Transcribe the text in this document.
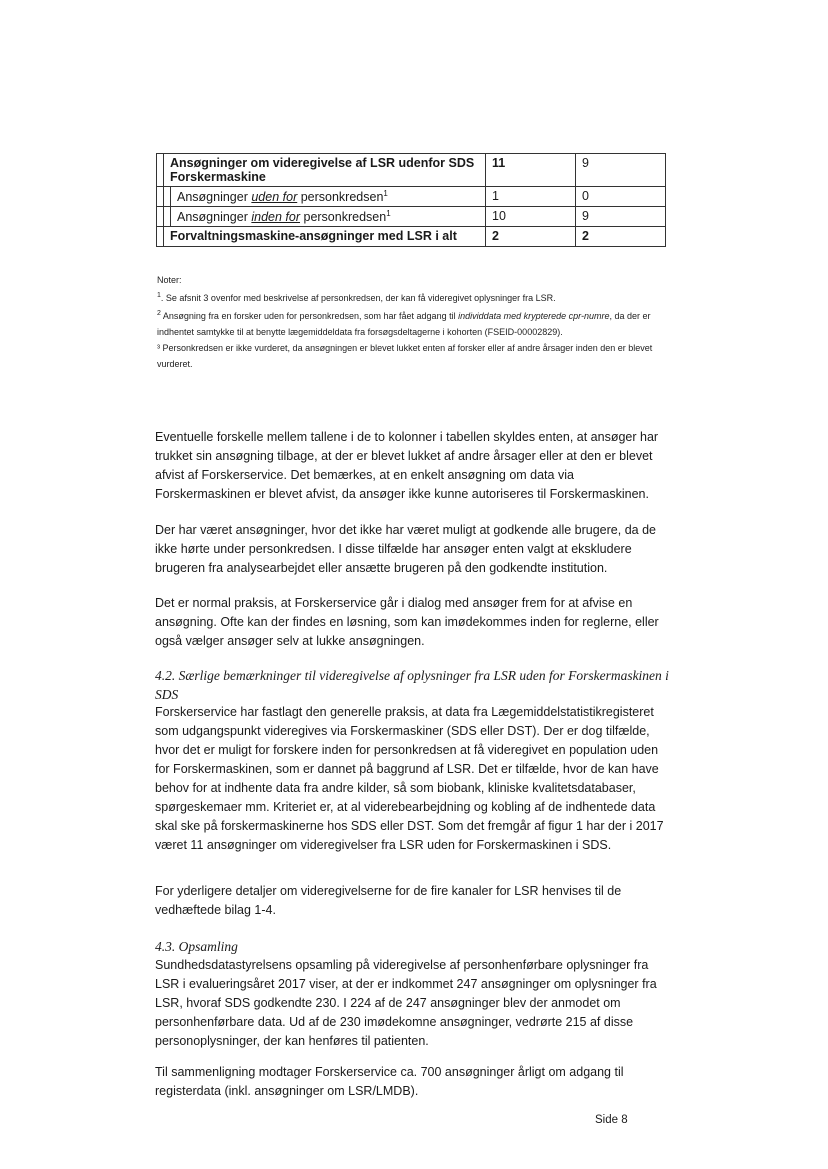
	Ansøgninger om videregivelse af LSR udenfor SDS Forskermaskine		11	9
		Ansøgninger uden for personkredsen$^1$	1	0
		Ansøgninger inden for personkredsen$^1$	10	9
	Forvaltningsmaskine-ansøgninger med LSR i alt		2	2

Noter:

$^1$. Se afsnit 3 ovenfor med beskrivelse af personkredsen, der kan få videregivet oplysninger fra LSR.

$^2$ Ansøgning fra en forsker uden for personkredsen, som har fået adgang til individdata med krypterede cpr-numre, da der er indhentet samtykke til at benytte lægemiddeldata fra forsøgsdeltagerne i kohorten (FSEID-00002829).

³ Personkredsen er ikke vurderet, da ansøgningen er blevet lukket enten af forsker eller af andre årsager inden den er blevet vurderet.

Eventuelle forskelle mellem tallene i de to kolonner i tabellen skyldes enten, at ansøger har trukket sin ansøgning tilbage, at der er blevet lukket af andre årsager eller at den er blevet afvist af Forskerservice. Det bemærkes, at en enkelt ansøgning om data via Forskermaskinen er blevet afvist, da ansøger ikke kunne autoriseres til Forskermaskinen.

Der har været ansøgninger, hvor det ikke har været muligt at godkende alle brugere, da de ikke hørte under personkredsen. I disse tilfælde har ansøger enten valgt at ekskludere brugeren fra analysearbejdet eller ansætte brugeren på den godkendte institution.

Det er normal praksis, at Forskerservice går i dialog med ansøger frem for at afvise en ansøgning. Ofte kan der findes en løsning, som kan imødekommes inden for reglerne, eller også vælger ansøger selv at lukke ansøgningen.

4.2. Særlige bemærkninger til videregivelse af oplysninger fra LSR uden for Forskermaskinen i SDS

Forskerservice har fastlagt den generelle praksis, at data fra Lægemiddelstatistikregisteret som udgangspunkt videregives via Forskermaskiner (SDS eller DST). Der er dog tilfælde, hvor det er muligt for forskere inden for personkredsen at få videregivet en population uden for Forskermaskinen, som er dannet på baggrund af LSR. Det er tilfælde, hvor de kan have behov for at indhente data fra andre kilder, så som biobank, kliniske kvalitetsdatabaser, spørgeskemaer mm. Kriteriet er, at al viderebearbejdning og kobling af de indhentede data skal ske på forskermaskinerne hos SDS eller DST. Som det fremgår af figur 1 har der i 2017 været 11 ansøgninger om videregivelser fra LSR uden for Forskermaskinen i SDS.

For yderligere detaljer om videregivelserne for de fire kanaler for LSR henvises til de vedhæftede bilag 1-4.

4.3. Opsamling

Sundhedsdatastyrelsens opsamling på videregivelse af personhenførbare oplysninger fra LSR i evalueringsåret 2017 viser, at der er indkommet 247 ansøgninger om oplysninger fra LSR, hvoraf SDS godkendte 230. I 224 af de 247 ansøgninger blev der anmodet om personhenførbare data. Ud af de 230 imødekomne ansøgninger, vedrørte 215 af disse personoplysninger, der kan henføres til patienten.

Til sammenligning modtager Forskerservice ca. 700 ansøgninger årligt om adgang til registerdata (inkl. ansøgninger om LSR/LMDB).

Side 8
